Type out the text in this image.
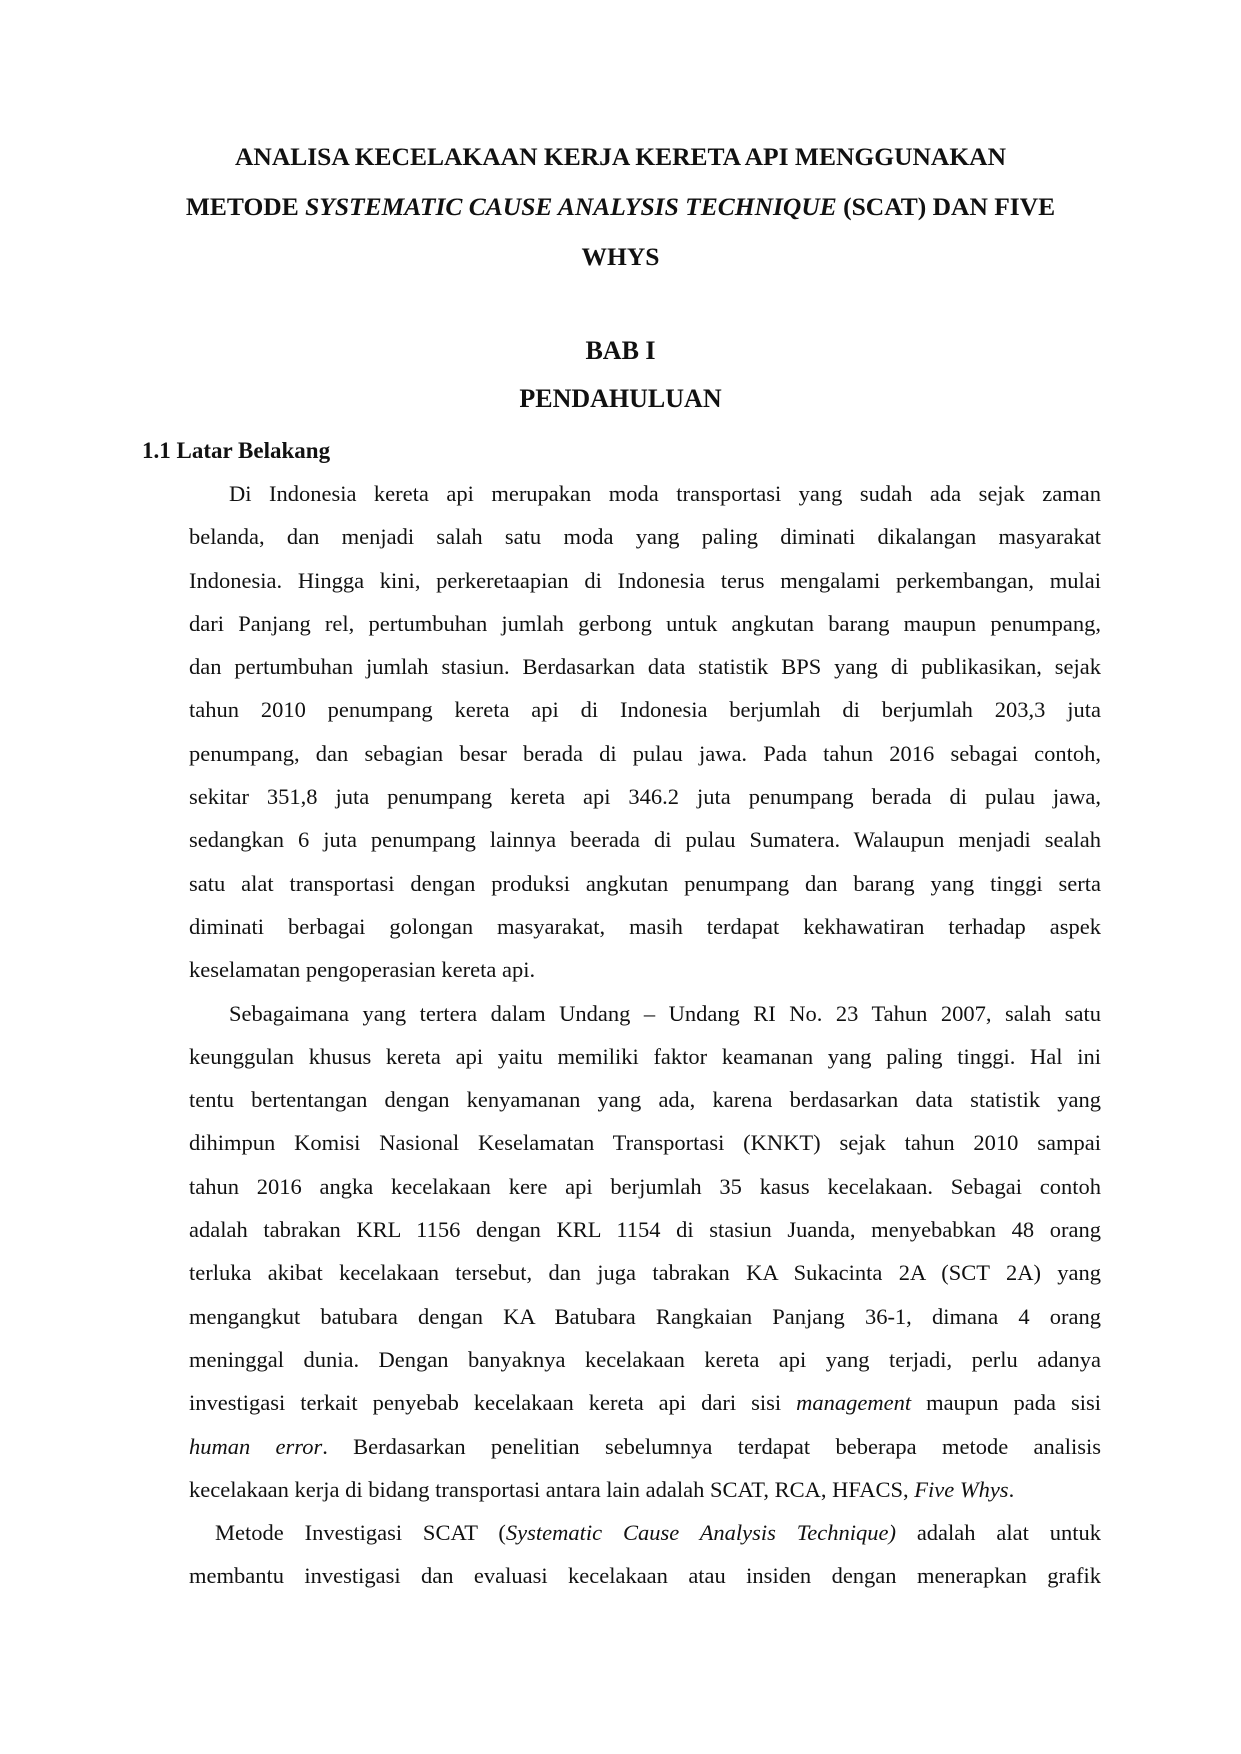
ANALISA KECELAKAAN KERJA KERETA API MENGGUNAKAN
METODE SYSTEMATIC CAUSE ANALYSIS TECHNIQUE (SCAT) DAN FIVE
WHYS
BAB I
PENDAHULUAN
1.1 Latar Belakang

Di Indonesia kereta api merupakan moda transportasi yang sudah ada sejak zaman
belanda, dan menjadi salah satu moda yang paling diminati dikalangan masyarakat
Indonesia. Hingga kini, perkeretaapian di Indonesia terus mengalami perkembangan, mulai
dari Panjang rel, pertumbuhan jumlah gerbong untuk angkutan barang maupun penumpang,
dan pertumbuhan jumlah stasiun. Berdasarkan data statistik BPS yang di publikasikan, sejak
tahun 2010 penumpang kereta api di Indonesia berjumlah di berjumlah 203,3 juta
penumpang, dan sebagian besar berada di pulau jawa. Pada tahun 2016 sebagai contoh,
sekitar 351,8 juta penumpang kereta api 346.2 juta penumpang berada di pulau jawa,
sedangkan 6 juta penumpang lainnya beerada di pulau Sumatera. Walaupun menjadi sealah
satu alat transportasi dengan produksi angkutan penumpang dan barang yang tinggi serta
diminati berbagai golongan masyarakat, masih terdapat kekhawatiran terhadap aspek
keselamatan pengoperasian kereta api.

Sebagaimana yang tertera dalam Undang – Undang RI No. 23 Tahun 2007, salah satu
keunggulan khusus kereta api yaitu memiliki faktor keamanan yang paling tinggi. Hal ini
tentu bertentangan dengan kenyamanan yang ada, karena berdasarkan data statistik yang
dihimpun Komisi Nasional Keselamatan Transportasi (KNKT) sejak tahun 2010 sampai
tahun 2016 angka kecelakaan kere api berjumlah 35 kasus kecelakaan. Sebagai contoh
adalah tabrakan KRL 1156 dengan KRL 1154 di stasiun Juanda, menyebabkan 48 orang
terluka akibat kecelakaan tersebut, dan juga tabrakan KA Sukacinta 2A (SCT 2A) yang
mengangkut batubara dengan KA Batubara Rangkaian Panjang 36-1, dimana 4 orang
meninggal dunia. Dengan banyaknya kecelakaan kereta api yang terjadi, perlu adanya
investigasi terkait penyebab kecelakaan kereta api dari sisi management maupun pada sisi
human error. Berdasarkan penelitian sebelumnya terdapat beberapa metode analisis
kecelakaan kerja di bidang transportasi antara lain adalah SCAT, RCA, HFACS, Five Whys.

Metode Investigasi SCAT (Systematic Cause Analysis Technique) adalah alat untuk
membantu investigasi dan evaluasi kecelakaan atau insiden dengan menerapkan grafik
